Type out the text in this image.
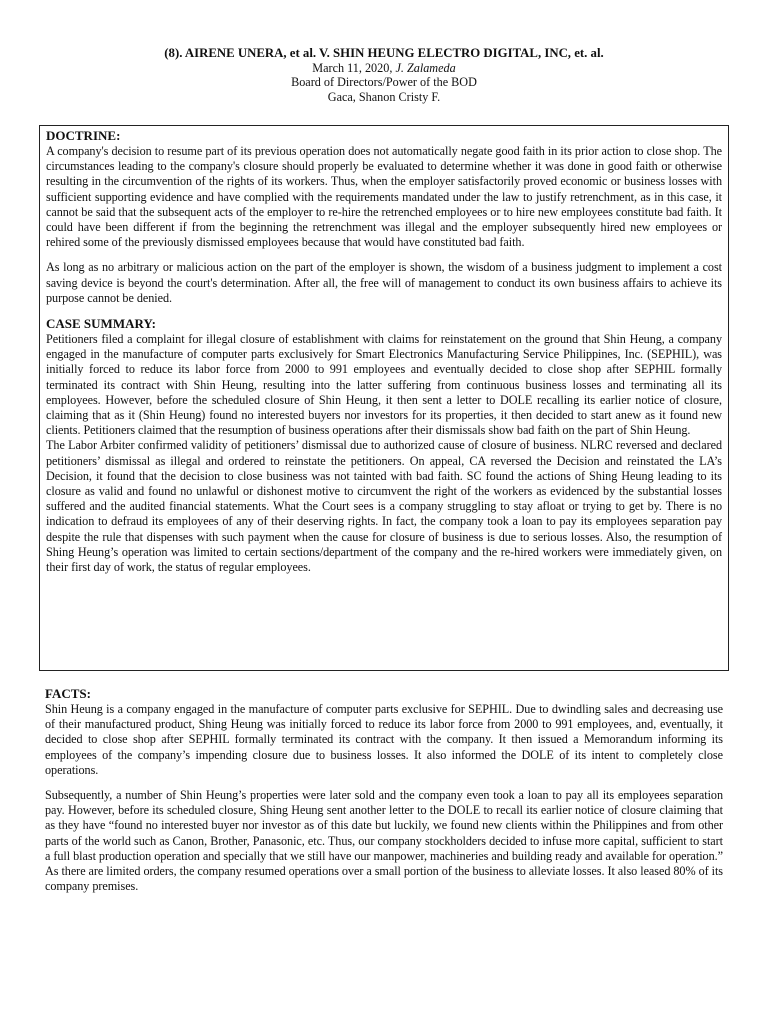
(8). AIRENE UNERA, et al. V. SHIN HEUNG ELECTRO DIGITAL, INC, et. al.
March 11, 2020, J. Zalameda
Board of Directors/Power of the BOD
Gaca, Shanon Cristy F.
DOCTRINE:

A company's decision to resume part of its previous operation does not automatically negate good faith in its prior action to close shop. The circumstances leading to the company's closure should properly be evaluated to determine whether it was done in good faith or otherwise resulting in the circumvention of the rights of its workers. Thus, when the employer satisfactorily proved economic or business losses with sufficient supporting evidence and have complied with the requirements mandated under the law to justify retrenchment, as in this case, it cannot be said that the subsequent acts of the employer to re-hire the retrenched employees or to hire new employees constitute bad faith. It could have been different if from the beginning the retrenchment was illegal and the employer subsequently hired new employees or rehired some of the previously dismissed employees because that would have constituted bad faith.

As long as no arbitrary or malicious action on the part of the employer is shown, the wisdom of a business judgment to implement a cost saving device is beyond the court's determination. After all, the free will of management to conduct its own business affairs to achieve its purpose cannot be denied.

CASE SUMMARY:

Petitioners filed a complaint for illegal closure of establishment with claims for reinstatement on the ground that Shin Heung, a company engaged in the manufacture of computer parts exclusively for Smart Electronics Manufacturing Service Philippines, Inc. (SEPHIL), was initially forced to reduce its labor force from 2000 to 991 employees and eventually decided to close shop after SEPHIL formally terminated its contract with Shin Heung, resulting into the latter suffering from continuous business losses and terminating all its employees. However, before the scheduled closure of Shin Heung, it then sent a letter to DOLE recalling its earlier notice of closure, claiming that as it (Shin Heung) found no interested buyers nor investors for its properties, it then decided to start anew as it found new clients. Petitioners claimed that the resumption of business operations after their dismissals show bad faith on the part of Shin Heung.

The Labor Arbiter confirmed validity of petitioners’ dismissal due to authorized cause of closure of business. NLRC reversed and declared petitioners’ dismissal as illegal and ordered to reinstate the petitioners. On appeal, CA reversed the Decision and reinstated the LA’s Decision, it found that the decision to close business was not tainted with bad faith. SC found the actions of Shing Heung leading to its closure as valid and found no unlawful or dishonest motive to circumvent the right of the workers as evidenced by the substantial losses suffered and the audited financial statements. What the Court sees is a company struggling to stay afloat or trying to get by. There is no indication to defraud its employees of any of their deserving rights. In fact, the company took a loan to pay its employees separation pay despite the rule that dispenses with such payment when the cause for closure of business is due to serious losses. Also, the resumption of Shing Heung’s operation was limited to certain sections/department of the company and the re-hired workers were immediately given, on their first day of work, the status of regular employees.

FACTS:

Shin Heung is a company engaged in the manufacture of computer parts exclusive for SEPHIL. Due to dwindling sales and decreasing use of their manufactured product, Shing Heung was initially forced to reduce its labor force from 2000 to 991 employees, and, eventually, it decided to close shop after SEPHIL formally terminated its contract with the company. It then issued a Memorandum informing its employees of the company’s impending closure due to business losses. It also informed the DOLE of its intent to completely close operations.

Subsequently, a number of Shin Heung’s properties were later sold and the company even took a loan to pay all its employees separation pay. However, before its scheduled closure, Shing Heung sent another letter to the DOLE to recall its earlier notice of closure claiming that as they have “found no interested buyer nor investor as of this date but luckily, we found new clients within the Philippines and from other parts of the world such as Canon, Brother, Panasonic, etc. Thus, our company stockholders decided to infuse more capital, sufficient to start a full blast production operation and specially that we still have our manpower, machineries and building ready and available for operation.” As there are limited orders, the company resumed operations over a small portion of the business to alleviate losses. It also leased 80% of its company premises.
